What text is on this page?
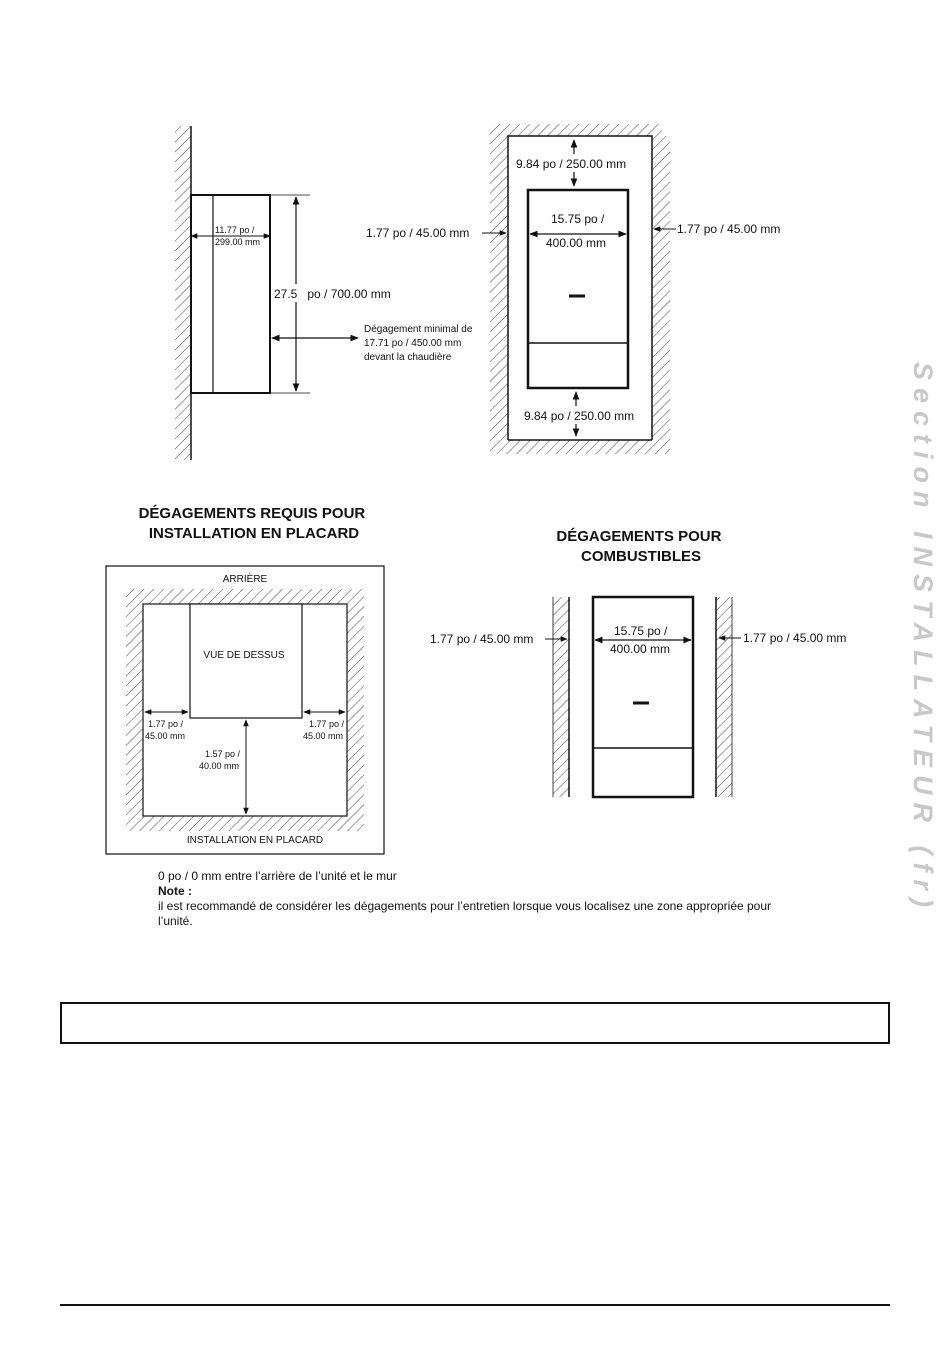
Section INSTALLATEUR (fr)
11.77 po / 299.00 mm
27.5   po / 700.00 mm
Dégagement minimal de 17.71 po / 450.00 mm devant la chaudière
9.84 po / 250.00 mm
9.84 po / 250.00 mm
15.75 po / 400.00 mm
1.77 po / 45.00 mm	1.77 po / 45.00 mm
DÉGAGEMENTS REQUIS POUR INSTALLATION EN PLACARD	DÉGAGEMENTS POUR COMBUSTIBLES
ARRIÈRE
VUE DE DESSUS
1.77 po / 45.00 mm
1.77 po / 45.00 mm
1.57 po / 40.00 mm
INSTALLATION EN PLACARD
15.75 po / 400.00 mm
1.77 po / 45.00 mm	1.77 po / 45.00 mm
0 po / 0 mm entre l’arrière de l’unité et le mur
Note :
il est recommandé de considérer les dégagements pour l’entretien lorsque vous localisez une zone appropriée pour l’unité.
